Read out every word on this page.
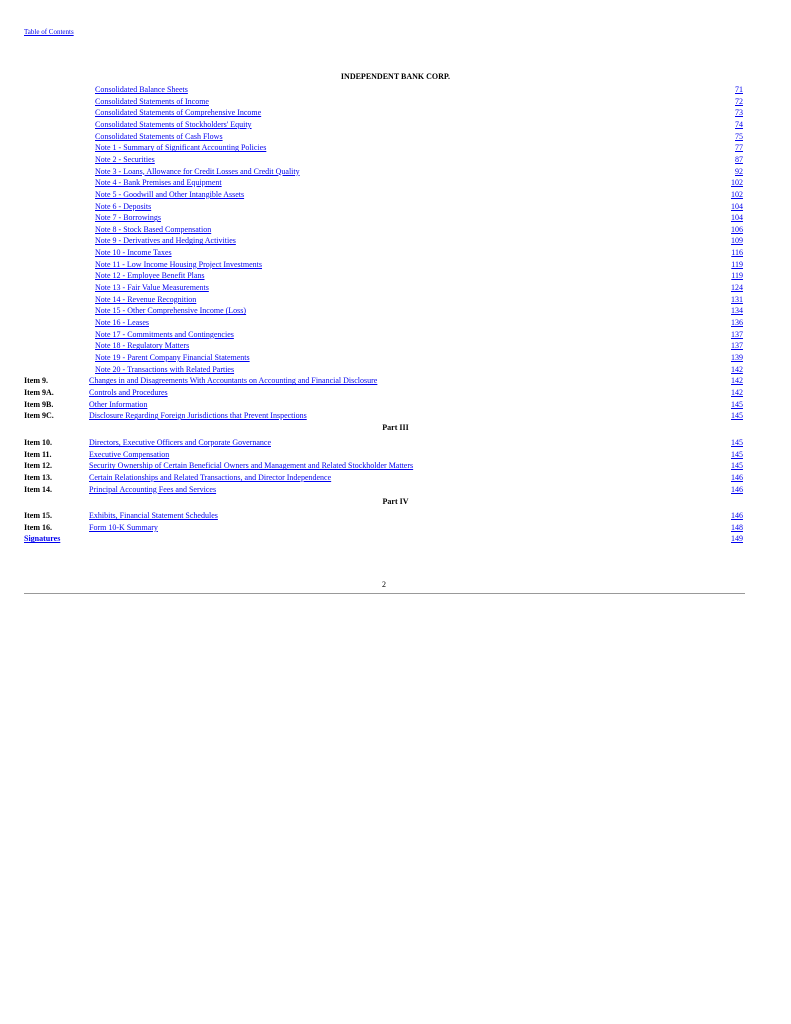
Table of Contents
INDEPENDENT BANK CORP.
Consolidated Balance Sheets	71
Consolidated Statements of Income	72
Consolidated Statements of Comprehensive Income	73
Consolidated Statements of Stockholders' Equity	74
Consolidated Statements of Cash Flows	75
Note 1 - Summary of Significant Accounting Policies	77
Note 2 - Securities	87
Note 3 - Loans, Allowance for Credit Losses and Credit Quality	92
Note 4 - Bank Premises and Equipment	102
Note 5 - Goodwill and Other Intangible Assets	102
Note 6 - Deposits	104
Note 7 - Borrowings	104
Note 8 - Stock Based Compensation	106
Note 9 - Derivatives and Hedging Activities	109
Note 10 - Income Taxes	116
Note 11 - Low Income Housing Project Investments	119
Note 12 - Employee Benefit Plans	119
Note 13 - Fair Value Measurements	124
Note 14 - Revenue Recognition	131
Note 15 - Other Comprehensive Income (Loss)	134
Note 16 - Leases	136
Note 17 - Commitments and Contingencies	137
Note 18 - Regulatory Matters	137
Note 19 - Parent Company Financial Statements	139
Note 20 - Transactions with Related Parties	142
Item 9.	Changes in and Disagreements With Accountants on Accounting and Financial Disclosure	142
Item 9A.	Controls and Procedures	142
Item 9B.	Other Information	145
Item 9C.	Disclosure Regarding Foreign Jurisdictions that Prevent Inspections	145
Part III
Item 10.	Directors, Executive Officers and Corporate Governance	145
Item 11.	Executive Compensation	145
Item 12.	Security Ownership of Certain Beneficial Owners and Management and Related Stockholder Matters	145
Item 13.	Certain Relationships and Related Transactions, and Director Independence	146
Item 14.	Principal Accounting Fees and Services	146
Part IV
Item 15.	Exhibits, Financial Statement Schedules	146
Item 16.	Form 10-K Summary	148
Signatures	149
2
